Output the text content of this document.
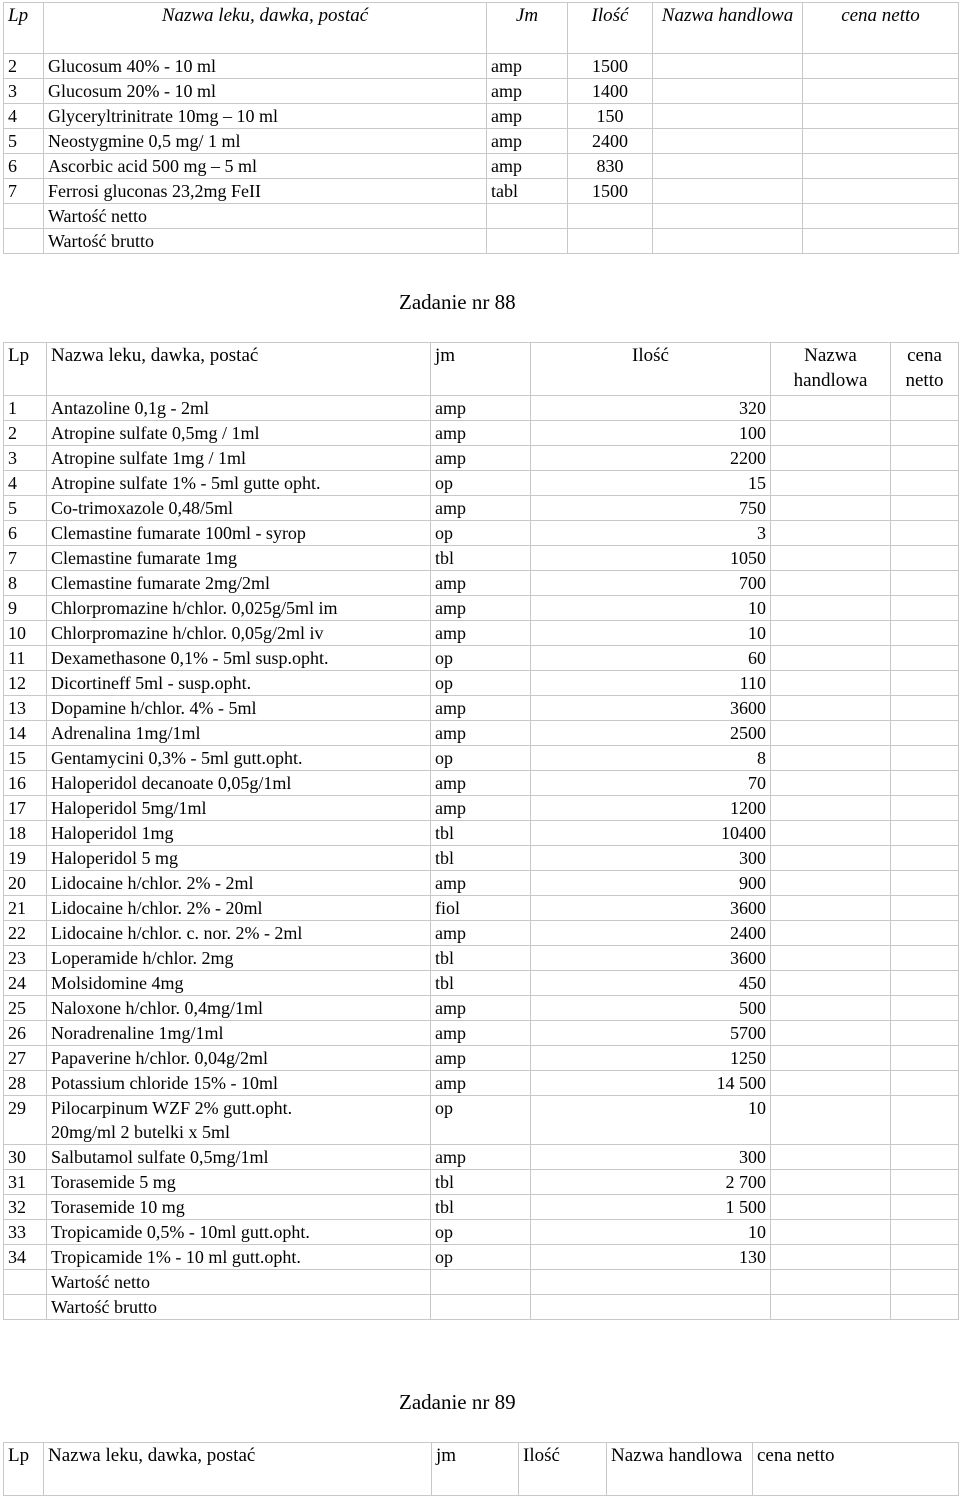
Lp	Nazwa leku, dawka, postać	Jm	Ilość	Nazwa handlowa	cena netto
2	Glucosum 40% - 10 ml	amp	1500		
3	Glucosum 20% - 10 ml	amp	1400		
4	Glyceryltrinitrate 10mg – 10 ml	amp	150		
5	Neostygmine 0,5 mg/ 1 ml	amp	2400		
6	Ascorbic acid 500 mg – 5 ml	amp	830		
7	Ferrosi gluconas 23,2mg FeII	tabl	1500		
	Wartość netto				
	Wartość brutto				
Zadanie nr 88
Lp	Nazwa leku, dawka, postać	jm	Ilość	Nazwa handlowa	cena netto
1	Antazoline 0,1g - 2ml	amp	320		
2	Atropine sulfate 0,5mg / 1ml	amp	100		
3	Atropine sulfate 1mg / 1ml	amp	2200		
4	Atropine sulfate 1% - 5ml gutte opht.	op	15		
5	Co-trimoxazole 0,48/5ml	amp	750		
6	Clemastine fumarate 100ml - syrop	op	3		
7	Clemastine fumarate 1mg	tbl	1050		
8	Clemastine fumarate 2mg/2ml	amp	700		
9	Chlorpromazine h/chlor. 0,025g/5ml im	amp	10		
10	Chlorpromazine h/chlor. 0,05g/2ml iv	amp	10		
11	Dexamethasone 0,1% - 5ml susp.opht.	op	60		
12	Dicortineff 5ml - susp.opht.	op	110		
13	Dopamine h/chlor. 4% - 5ml	amp	3600		
14	Adrenalina 1mg/1ml	amp	2500		
15	Gentamycini 0,3% - 5ml gutt.opht.	op	8		
16	Haloperidol decanoate 0,05g/1ml	amp	70		
17	Haloperidol 5mg/1ml	amp	1200		
18	Haloperidol 1mg	tbl	10400		
19	Haloperidol 5 mg	tbl	300		
20	Lidocaine h/chlor. 2% - 2ml	amp	900		
21	Lidocaine h/chlor. 2% - 20ml	fiol	3600		
22	Lidocaine h/chlor. c. nor. 2% - 2ml	amp	2400		
23	Loperamide h/chlor. 2mg	tbl	3600		
24	Molsidomine 4mg	tbl	450		
25	Naloxone h/chlor. 0,4mg/1ml	amp	500		
26	Noradrenaline 1mg/1ml	amp	5700		
27	Papaverine h/chlor. 0,04g/2ml	amp	1250		
28	Potassium chloride 15% - 10ml	amp	14 500		
29	Pilocarpinum WZF 2% gutt.opht.
20mg/ml 2 butelki x 5ml	op	10		
30	Salbutamol sulfate 0,5mg/1ml	amp	300		
31	Torasemide 5 mg	tbl	2 700		
32	Torasemide 10 mg	tbl	1 500		
33	Tropicamide 0,5% - 10ml gutt.opht.	op	10		
34	Tropicamide 1% - 10 ml gutt.opht.	op	130		
	Wartość netto				
	Wartość brutto				
Zadanie nr 89
Lp	Nazwa leku, dawka, postać	jm	Ilość	Nazwa handlowa	cena netto
